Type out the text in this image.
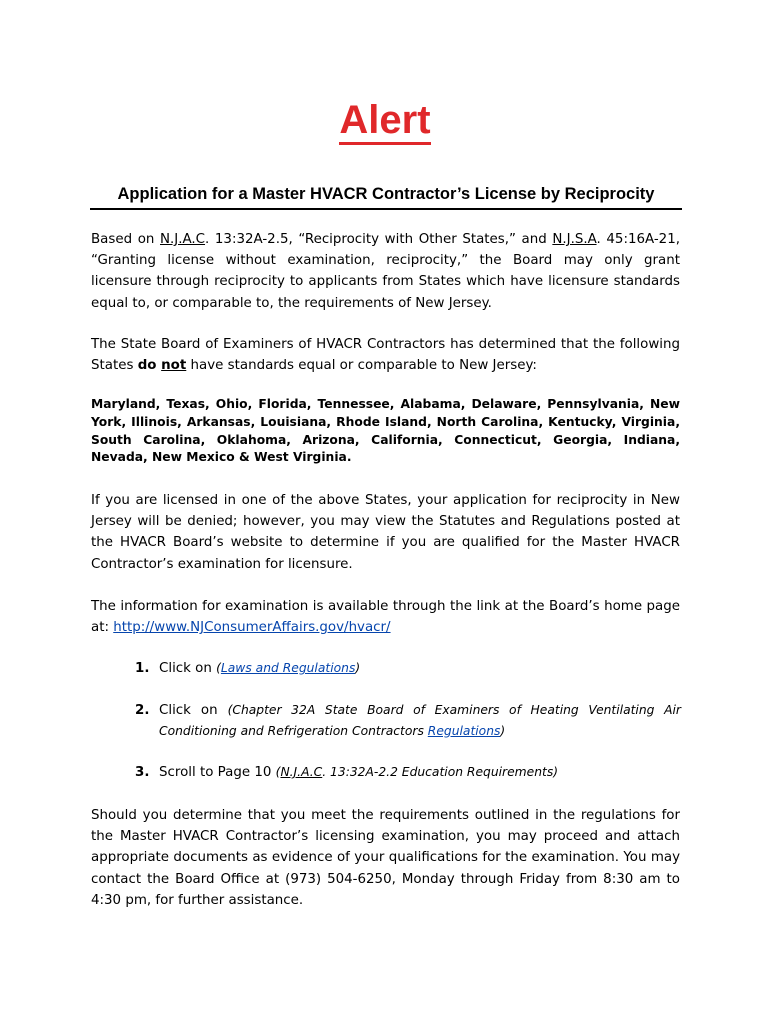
Alert
Application for a Master HVACR Contractor’s License by Reciprocity
Based on N.J.A.C. 13:32A-2.5, “Reciprocity with Other States,” and N.J.S.A. 45:16A-21, “Granting license without examination, reciprocity,” the Board may only grant licensure through reciprocity to applicants from States which have licensure standards equal to, or comparable to, the requirements of New Jersey.
The State Board of Examiners of HVACR Contractors has determined that the following States do not have standards equal or comparable to New Jersey:
Maryland, Texas, Ohio, Florida, Tennessee, Alabama, Delaware, Pennsylvania, New York, Illinois, Arkansas, Louisiana, Rhode Island, North Carolina, Kentucky, Virginia, South Carolina, Oklahoma, Arizona, California, Connecticut, Georgia, Indiana, Nevada, New Mexico & West Virginia.
If you are licensed in one of the above States, your application for reciprocity in New Jersey will be denied; however, you may view the Statutes and Regulations posted at the HVACR Board’s website to determine if you are qualified for the Master HVACR Contractor’s examination for licensure.
The information for examination is available through the link at the Board’s home page at: http://www.NJConsumerAffairs.gov/hvacr/
1. Click on (Laws and Regulations)
2. Click on (Chapter 32A State Board of Examiners of Heating Ventilating Air Conditioning and Refrigeration Contractors Regulations)
3. Scroll to Page 10 (N.J.A.C. 13:32A-2.2 Education Requirements)
Should you determine that you meet the requirements outlined in the regulations for the Master HVACR Contractor’s licensing examination, you may proceed and attach appropriate documents as evidence of your qualifications for the examination. You may contact the Board Office at (973) 504-6250, Monday through Friday from 8:30 am to 4:30 pm, for further assistance.
